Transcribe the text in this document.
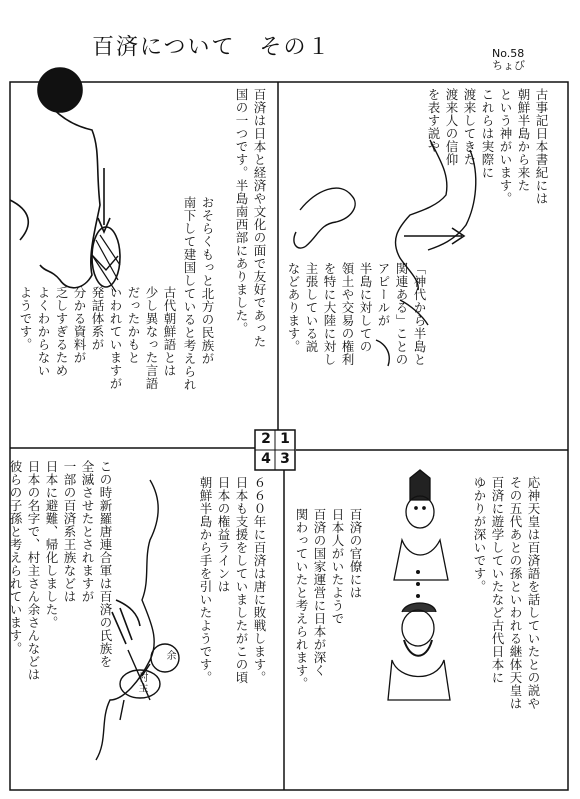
百済について　その１	No.58
ちょび
村主
余
2 1
4 3
古事記日本書紀には
朝鮮半島から来た
という神がいます。
これらは実際に
渡来してきた
渡来人の信仰
を表す説や
「神代から半島と
関連ある」ことの
アピールが
半島に対しての
領土や交易の権利
を特に大陸に対し
主張している説
などあります。
百済は日本と経済や文化の面で友好であった
国の一つです。半島南西部にありました。
おそらくもっと北方の民族が
南下して建国していると考えられ
古代朝鮮語とは
少し異なった言語
だったかもと
いわれていますが
発話体系が
分かる資料が
乏しすぎるため
よくわからない
ようです。
応神天皇は百済語を話していたとの説や
その五代あとの孫といわれる継体天皇は
百済に遊学していたなど古代日本に
ゆかりが深いです。
百済の官僚には
日本人がいたようで
百済の国家運営に日本が深く
関わっていたと考えられます。
６６０年に百済は唐に敗戦します。
日本も支援をしていましたがこの頃
日本の権益ラインは
朝鮮半島から手を引いたようです。
この時新羅唐連合軍は百済の氏族を
全滅させたとされますが
一部の百済系王族などは
日本に避難、帰化しました。
日本の名字で、村主さん余さんなどは
彼らの子孫と考えられています。
